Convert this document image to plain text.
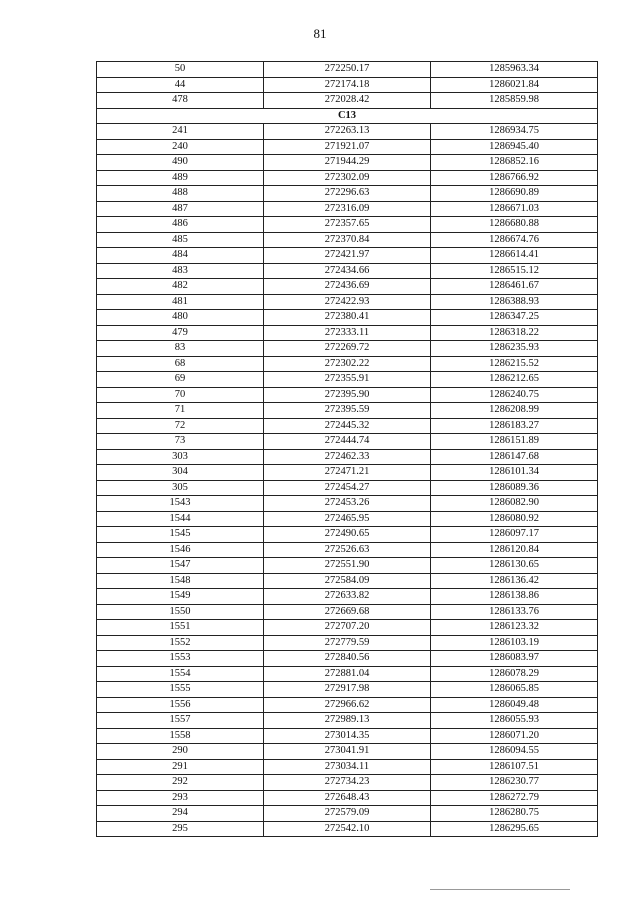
81
50	272250.17	1285963.34
44	272174.18	1286021.84
478	272028.42	1285859.98
C13		
241	272263.13	1286934.75
240	271921.07	1286945.40
490	271944.29	1286852.16
489	272302.09	1286766.92
488	272296.63	1286690.89
487	272316.09	1286671.03
486	272357.65	1286680.88
485	272370.84	1286674.76
484	272421.97	1286614.41
483	272434.66	1286515.12
482	272436.69	1286461.67
481	272422.93	1286388.93
480	272380.41	1286347.25
479	272333.11	1286318.22
83	272269.72	1286235.93
68	272302.22	1286215.52
69	272355.91	1286212.65
70	272395.90	1286240.75
71	272395.59	1286208.99
72	272445.32	1286183.27
73	272444.74	1286151.89
303	272462.33	1286147.68
304	272471.21	1286101.34
305	272454.27	1286089.36
1543	272453.26	1286082.90
1544	272465.95	1286080.92
1545	272490.65	1286097.17
1546	272526.63	1286120.84
1547	272551.90	1286130.65
1548	272584.09	1286136.42
1549	272633.82	1286138.86
1550	272669.68	1286133.76
1551	272707.20	1286123.32
1552	272779.59	1286103.19
1553	272840.56	1286083.97
1554	272881.04	1286078.29
1555	272917.98	1286065.85
1556	272966.62	1286049.48
1557	272989.13	1286055.93
1558	273014.35	1286071.20
290	273041.91	1286094.55
291	273034.11	1286107.51
292	272734.23	1286230.77
293	272648.43	1286272.79
294	272579.09	1286280.75
295	272542.10	1286295.65
